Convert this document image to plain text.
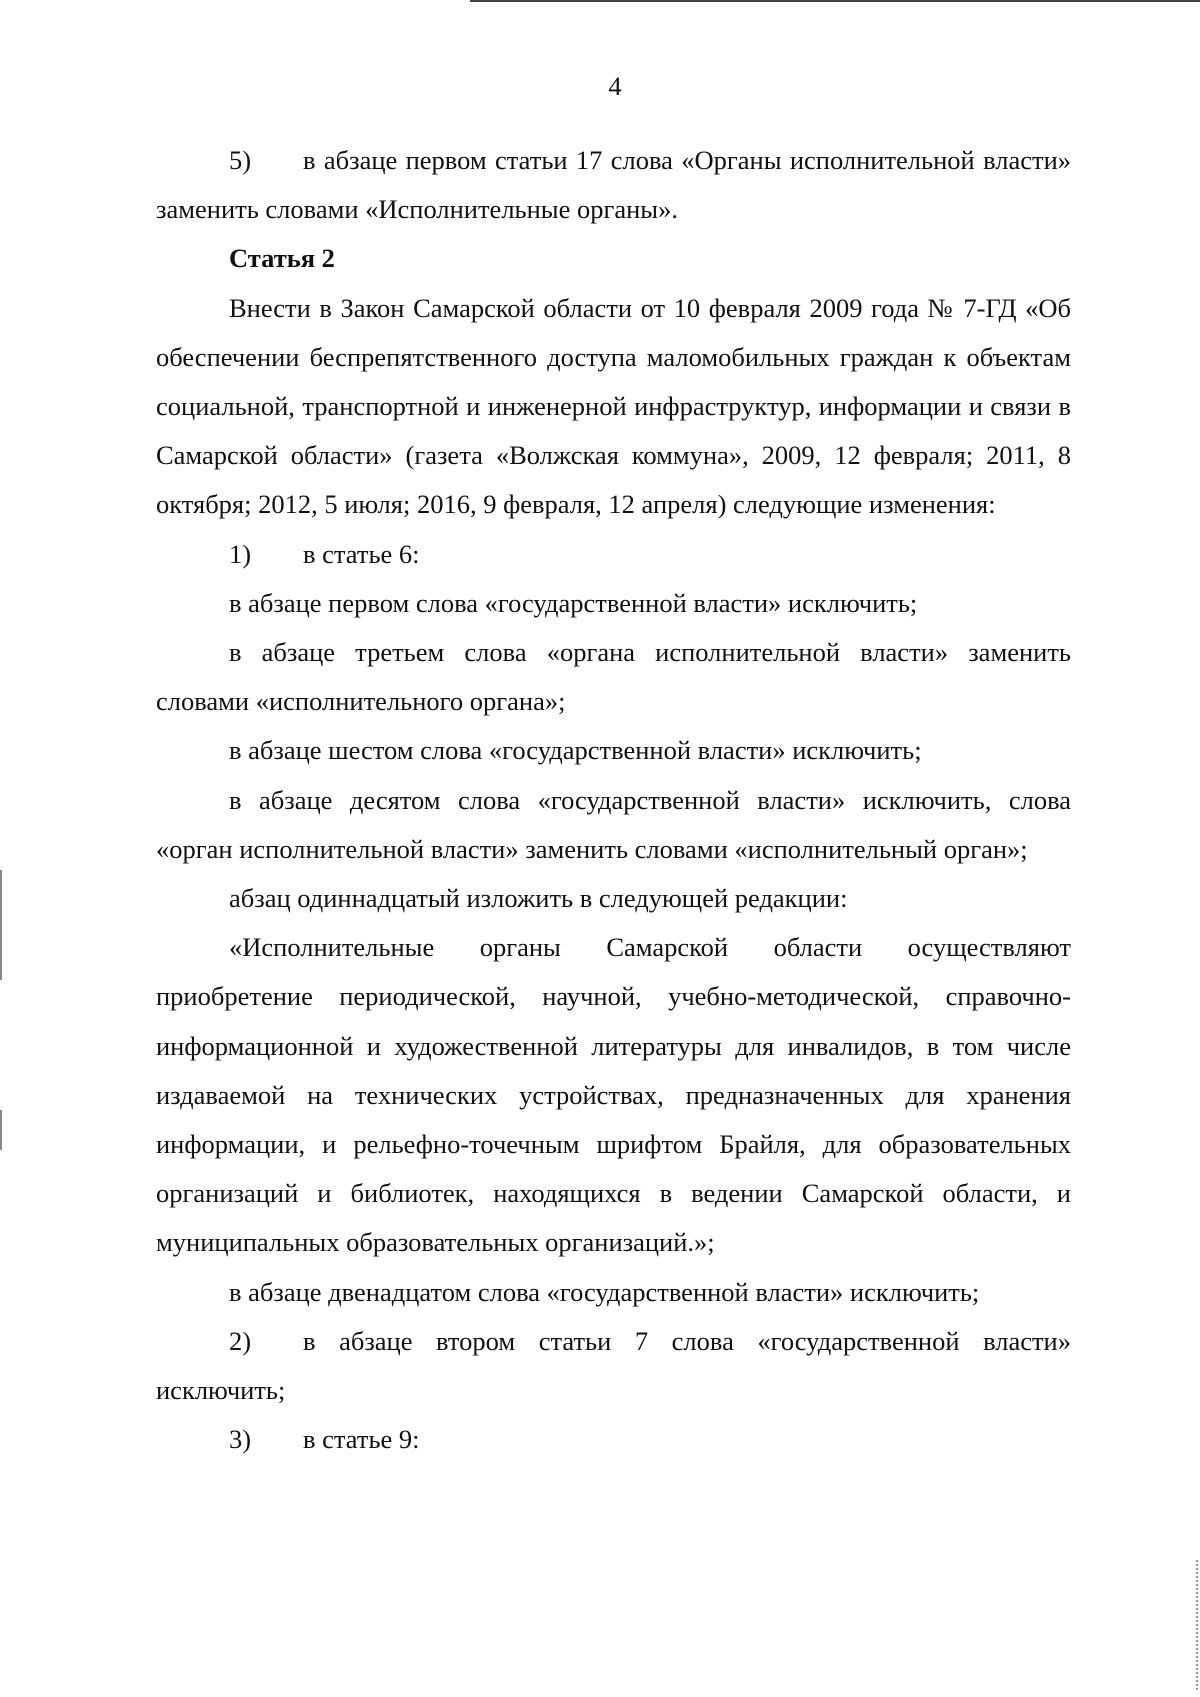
4

5) в абзаце первом статьи 17 слова «Органы исполнительной власти» заменить словами «Исполнительные органы».

Статья 2

Внести в Закон Самарской области от 10 февраля 2009 года № 7-ГД «Об обеспечении беспрепятственного доступа маломобильных граждан к объектам социальной, транспортной и инженерной инфраструктур, информации и связи в Самарской области» (газета «Волжская коммуна», 2009, 12 февраля; 2011, 8 октября; 2012, 5 июля; 2016, 9 февраля, 12 апреля) следующие изменения:

1) в статье 6:

в абзаце первом слова «государственной власти» исключить;

в абзаце третьем слова «органа исполнительной власти» заменить словами «исполнительного органа»;

в абзаце шестом слова «государственной власти» исключить;

в абзаце десятом слова «государственной власти» исключить, слова «орган исполнительной власти» заменить словами «исполнительный орган»;

абзац одиннадцатый изложить в следующей редакции:

«Исполнительные органы Самарской области осуществляют приобретение периодической, научной, учебно-методической, справочно-информационной и художественной литературы для инвалидов, в том числе издаваемой на технических устройствах, предназначенных для хранения информации, и рельефно-точечным шрифтом Брайля, для образовательных организаций и библиотек, находящихся в ведении Самарской области, и муниципальных образовательных организаций.»;

в абзаце двенадцатом слова «государственной власти» исключить;

2) в абзаце втором статьи 7 слова «государственной власти» исключить;

3) в статье 9:
